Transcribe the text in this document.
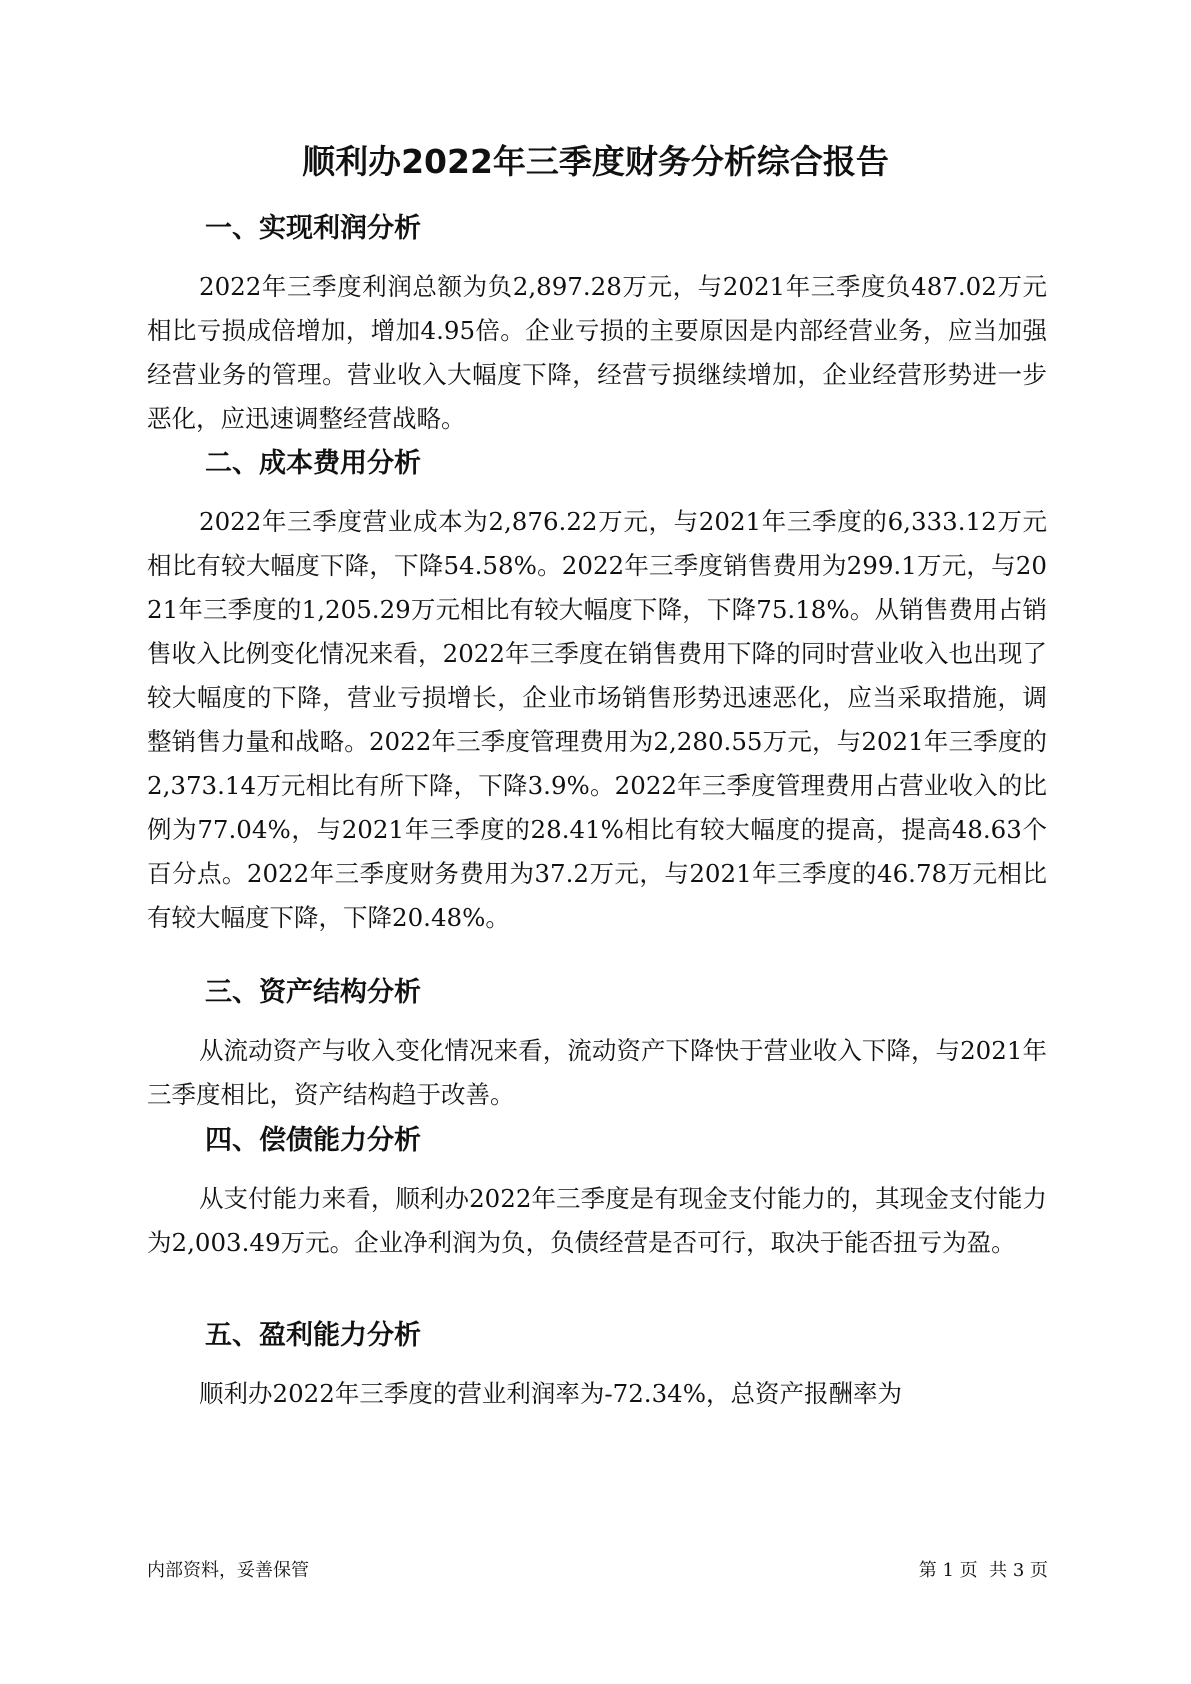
顺利办2022年三季度财务分析综合报告
一、实现利润分析

2022年三季度利润总额为负2,897.28万元，与2021年三季度负487.02万元相比亏损成倍增加，增加4.95倍。企业亏损的主要原因是内部经营业务，应当加强经营业务的管理。营业收入大幅度下降，经营亏损继续增加，企业经营形势进一步恶化，应迅速调整经营战略。

二、成本费用分析

2022年三季度营业成本为2,876.22万元，与2021年三季度的6,333.12万元相比有较大幅度下降，下降54.58%。2022年三季度销售费用为299.1万元，与2021年三季度的1,205.29万元相比有较大幅度下降，下降75.18%。从销售费用占销售收入比例变化情况来看，2022年三季度在销售费用下降的同时营业收入也出现了较大幅度的下降，营业亏损增长，企业市场销售形势迅速恶化，应当采取措施，调整销售力量和战略。2022年三季度管理费用为2,280.55万元，与2021年三季度的2,373.14万元相比有所下降，下降3.9%。2022年三季度管理费用占营业收入的比例为77.04%，与2021年三季度的28.41%相比有较大幅度的提高，提高48.63个百分点。2022年三季度财务费用为37.2万元，与2021年三季度的46.78万元相比有较大幅度下降，下降20.48%。

三、资产结构分析

从流动资产与收入变化情况来看，流动资产下降快于营业收入下降，与2021年三季度相比，资产结构趋于改善。

四、偿债能力分析

从支付能力来看，顺利办2022年三季度是有现金支付能力的，其现金支付能力为2,003.49万元。企业净利润为负，负债经营是否可行，取决于能否扭亏为盈。

五、盈利能力分析

顺利办2022年三季度的营业利润率为-72.34%，总资产报酬率为

内部资料，妥善保管	第 1 页  共 3 页
